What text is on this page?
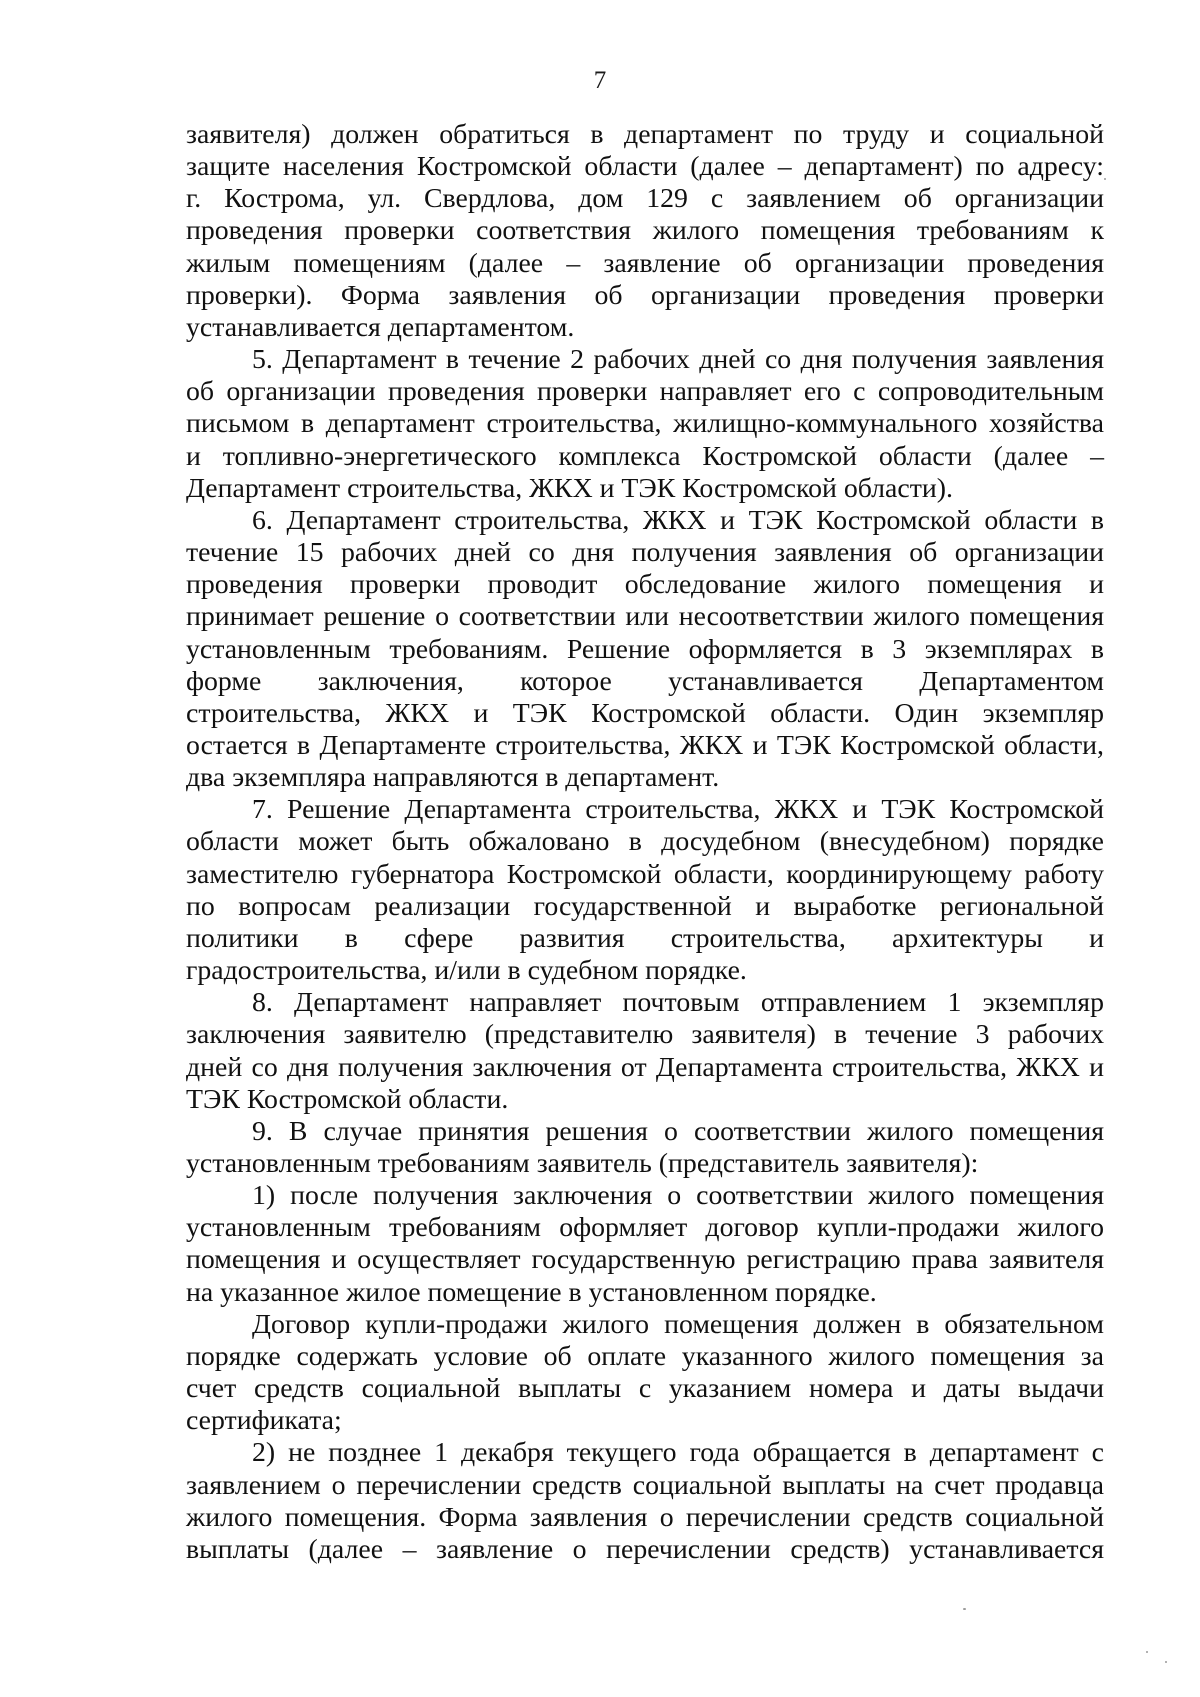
7
заявителя) должен обратиться в департамент по труду и социальной
защите населения Костромской области (далее – департамент) по адресу:
г. Кострома, ул. Свердлова, дом 129 с заявлением об организации
проведения проверки соответствия жилого помещения требованиям к
жилым помещениям (далее – заявление об организации проведения
проверки). Форма заявления об организации проведения проверки
устанавливается департаментом.
5. Департамент в течение 2 рабочих дней со дня получения заявления
об организации проведения проверки направляет его с сопроводительным
письмом в департамент строительства, жилищно-коммунального хозяйства
и топливно-энергетического комплекса Костромской области (далее –
Департамент строительства, ЖКХ и ТЭК Костромской области).
6. Департамент строительства, ЖКХ и ТЭК Костромской области в
течение 15 рабочих дней со дня получения заявления об организации
проведения проверки проводит обследование жилого помещения и
принимает решение о соответствии или несоответствии жилого помещения
установленным требованиям. Решение оформляется в 3 экземплярах в
форме заключения, которое устанавливается Департаментом
строительства, ЖКХ и ТЭК Костромской области. Один экземпляр
остается в Департаменте строительства, ЖКХ и ТЭК Костромской области,
два экземпляра направляются в департамент.
7. Решение Департамента строительства, ЖКХ и ТЭК Костромской
области может быть обжаловано в досудебном (внесудебном) порядке
заместителю губернатора Костромской области, координирующему работу
по вопросам реализации государственной и выработке региональной
политики в сфере развития строительства, архитектуры и
градостроительства, и/или в судебном порядке.
8. Департамент направляет почтовым отправлением 1 экземпляр
заключения заявителю (представителю заявителя) в течение 3 рабочих
дней со дня получения заключения от Департамента строительства, ЖКХ и
ТЭК Костромской области.
9. В случае принятия решения о соответствии жилого помещения
установленным требованиям заявитель (представитель заявителя):
1) после получения заключения о соответствии жилого помещения
установленным требованиям оформляет договор купли-продажи жилого
помещения и осуществляет государственную регистрацию права заявителя
на указанное жилое помещение в установленном порядке.
Договор купли-продажи жилого помещения должен в обязательном
порядке содержать условие об оплате указанного жилого помещения за
счет средств социальной выплаты с указанием номера и даты выдачи
сертификата;
2) не позднее 1 декабря текущего года обращается в департамент с
заявлением о перечислении средств социальной выплаты на счет продавца
жилого помещения. Форма заявления о перечислении средств социальной
выплаты (далее – заявление о перечислении средств) устанавливается
